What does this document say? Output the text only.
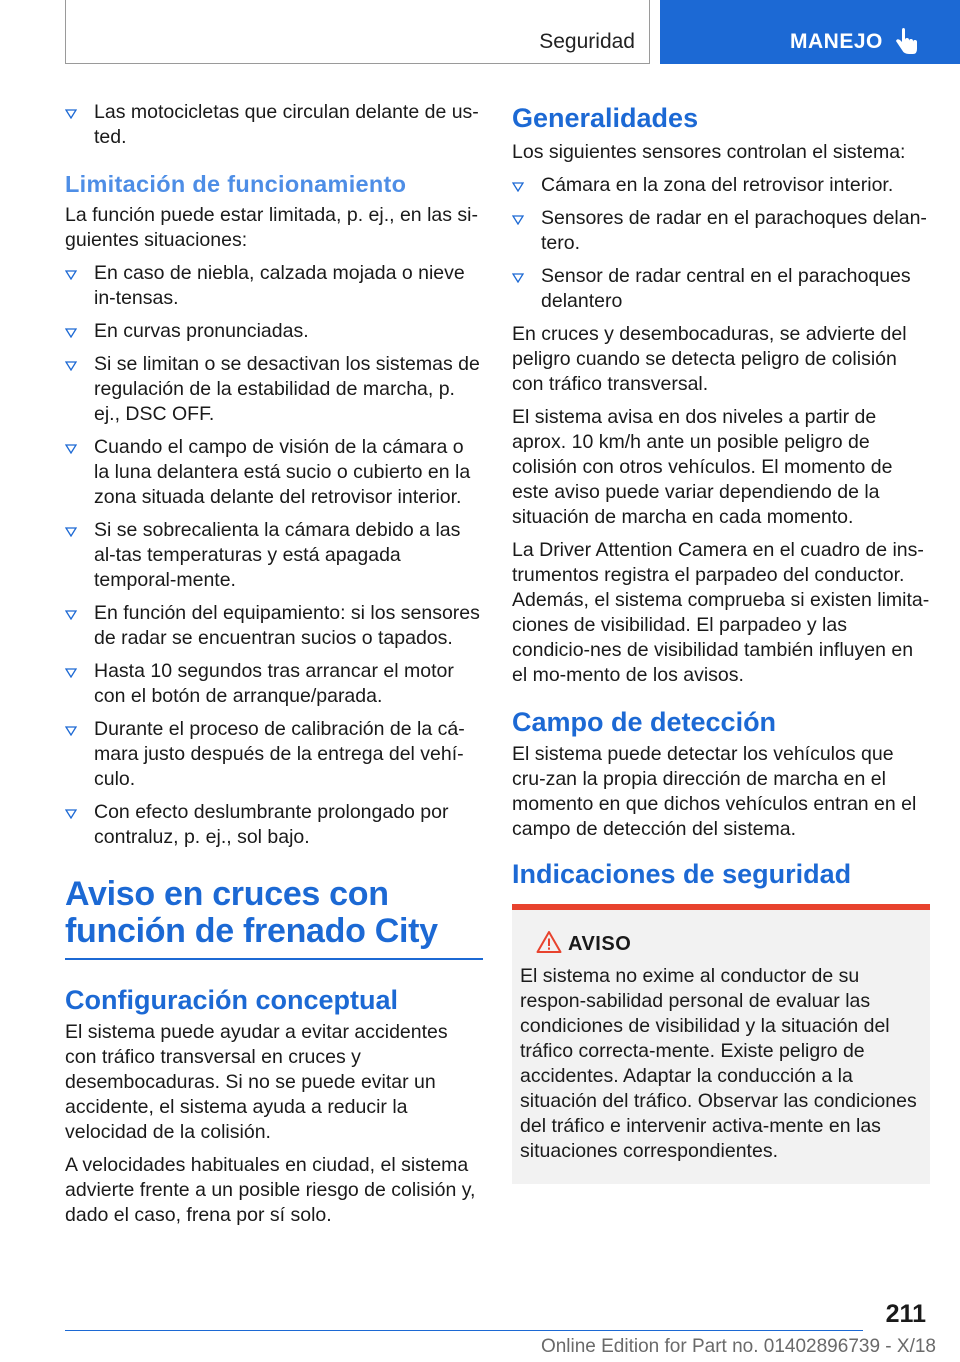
Seguridad	MANEJO
Las motocicletas que circulan delante de us-ted.
Limitación de funcionamiento
La función puede estar limitada, p. ej., en las si-guientes situaciones:
En caso de niebla, calzada mojada o nieve in-tensas.
En curvas pronunciadas.
Si se limitan o se desactivan los sistemas de regulación de la estabilidad de marcha, p. ej., DSC OFF.
Cuando el campo de visión de la cámara o la luna delantera está sucio o cubierto en la zona situada delante del retrovisor interior.
Si se sobrecalienta la cámara debido a las al-tas temperaturas y está apagada temporal-mente.
En función del equipamiento: si los sensores de radar se encuentran sucios o tapados.
Hasta 10 segundos tras arrancar el motor con el botón de arranque/parada.
Durante el proceso de calibración de la cá-mara justo después de la entrega del vehí-culo.
Con efecto deslumbrante prolongado por contraluz, p. ej., sol bajo.
Aviso en cruces con
función de frenado City
Configuración conceptual
El sistema puede ayudar a evitar accidentes con tráfico transversal en cruces y desembocaduras. Si no se puede evitar un accidente, el sistema ayuda a reducir la velocidad de la colisión.
A velocidades habituales en ciudad, el sistema advierte frente a un posible riesgo de colisión y, dado el caso, frena por sí solo.
Generalidades
Los siguientes sensores controlan el sistema:
Cámara en la zona del retrovisor interior.
Sensores de radar en el parachoques delan-tero.
Sensor de radar central en el parachoques delantero
En cruces y desembocaduras, se advierte del peligro cuando se detecta peligro de colisión con tráfico transversal.
El sistema avisa en dos niveles a partir de aprox. 10 km/h ante un posible peligro de colisión con otros vehículos. El momento de este aviso puede variar dependiendo de la situación de marcha en cada momento.
La Driver Attention Camera en el cuadro de ins-trumentos registra el parpadeo del conductor. Además, el sistema comprueba si existen limita-ciones de visibilidad. El parpadeo y las condicio-nes de visibilidad también influyen en el mo-mento de los avisos.
Campo de detección
El sistema puede detectar los vehículos que cru-zan la propia dirección de marcha en el momento en que dichos vehículos entran en el campo de detección del sistema.
Indicaciones de seguridad
AVISO
El sistema no exime al conductor de su respon-sabilidad personal de evaluar las condiciones de visibilidad y la situación del tráfico correcta-mente. Existe peligro de accidentes. Adaptar la conducción a la situación del tráfico. Observar las condiciones del tráfico e intervenir activa-mente en las situaciones correspondientes.
211
Online Edition for Part no. 01402896739 - X/18
